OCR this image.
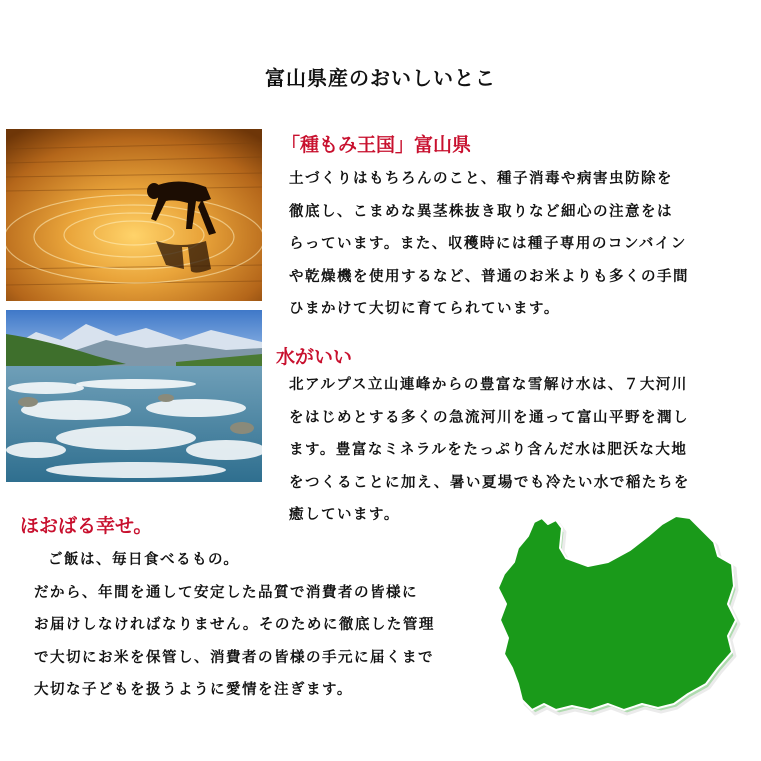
富山県産のおいしいとこ
「種もみ王国」富山県
土づくりはもちろんのこと、種子消毒や病害虫防除を
徹底し、こまめな異茎株抜き取りなど細心の注意をは
らっています。また、収穫時には種子専用のコンバイン
や乾燥機を使用するなど、普通のお米よりも多くの手間
ひまかけて大切に育てられています。
水がいい
北アルプス立山連峰からの豊富な雪解け水は、７大河川
をはじめとする多くの急流河川を通って富山平野を潤し
ます。豊富なミネラルをたっぷり含んだ水は肥沃な大地
をつくることに加え、暑い夏場でも冷たい水で稲たちを
癒しています。
ほおばる幸せ。
ご飯は、毎日食べるもの。
だから、年間を通して安定した品質で消費者の皆様に
お届けしなければなりません。そのために徹底した管理
で大切にお米を保管し、消費者の皆様の手元に届くまで
大切な子どもを扱うように愛情を注ぎます。
